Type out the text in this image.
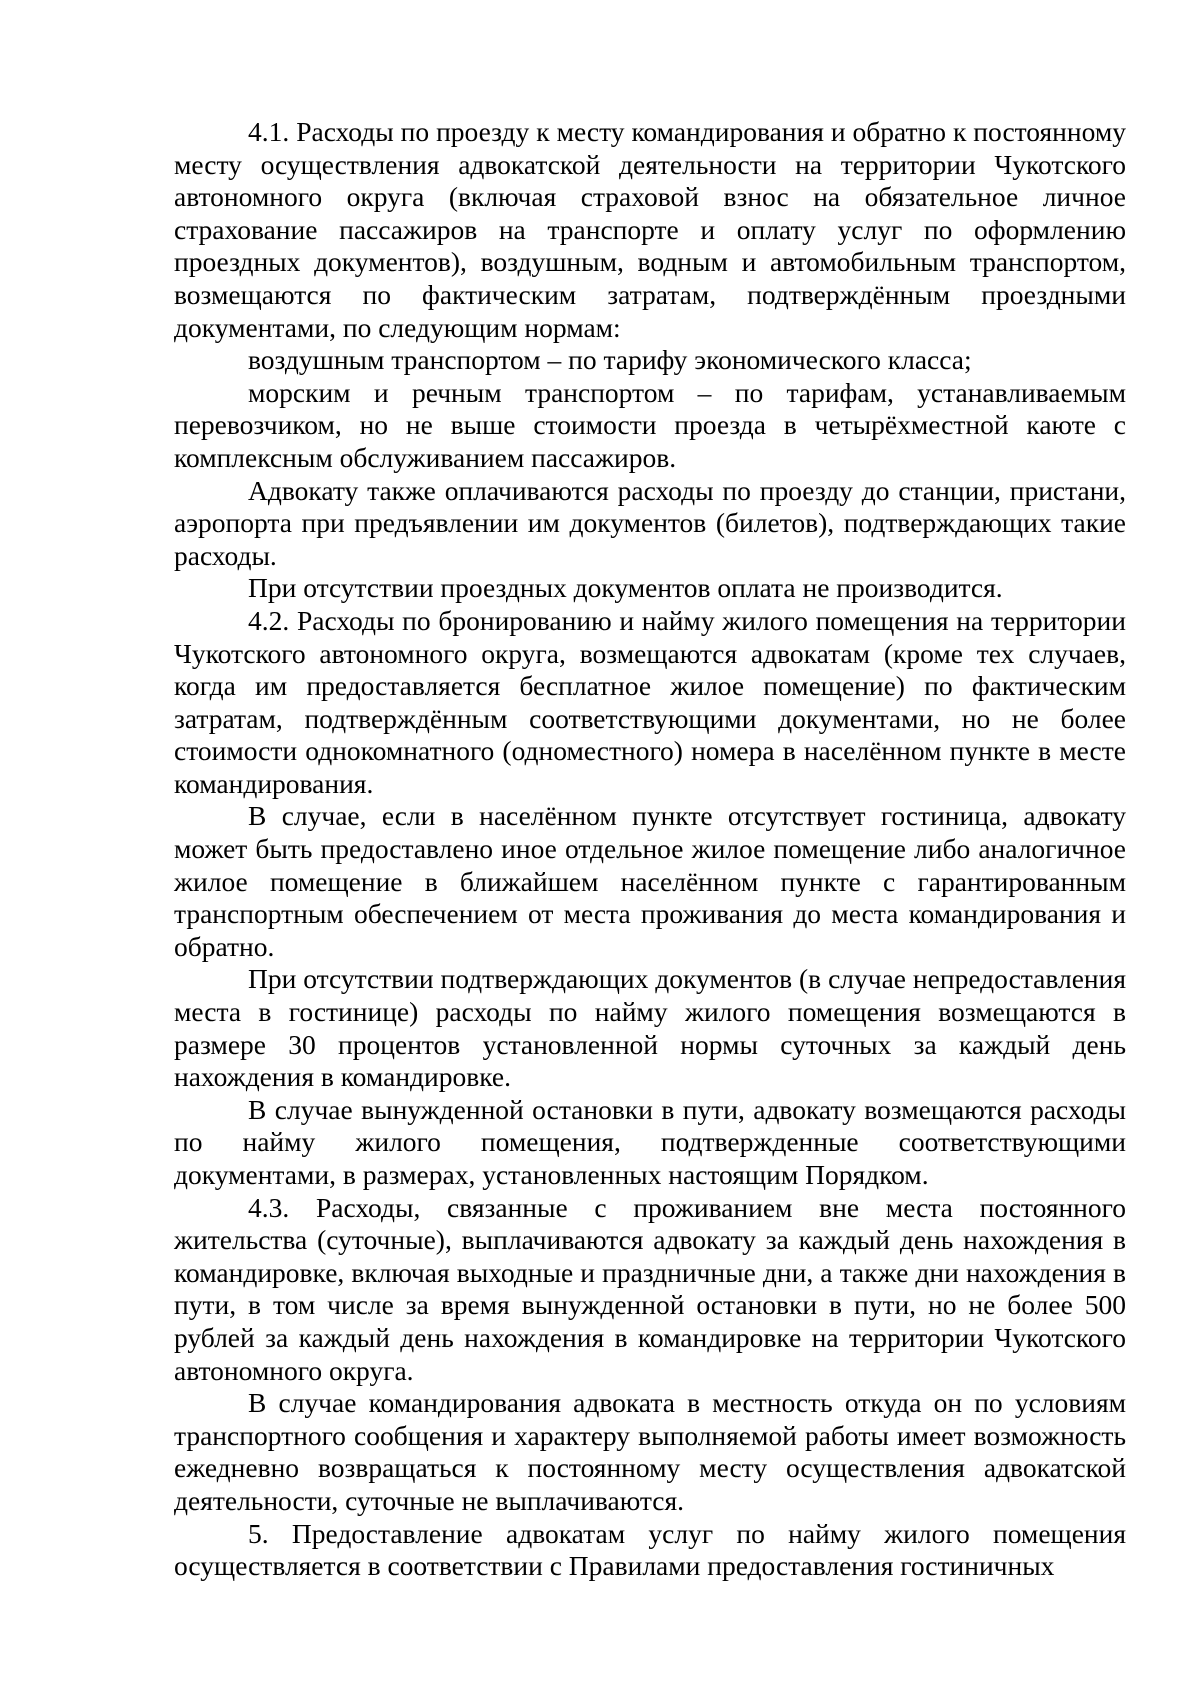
4.1. Расходы по проезду к месту командирования и обратно к постоянному месту осуществления адвокатской деятельности на территории Чукотского автономного округа (включая страховой взнос на обязательное личное страхование пассажиров на транспорте и оплату услуг по оформлению проездных документов), воздушным, водным и автомобильным транспортом, возмещаются по фактическим затратам, подтверждённым проездными документами, по следующим нормам:

воздушным транспортом – по тарифу экономического класса;

морским и речным транспортом – по тарифам, устанавливаемым перевозчиком, но не выше стоимости проезда в четырёхместной каюте с комплексным обслуживанием пассажиров.

Адвокату также оплачиваются расходы по проезду до станции, пристани, аэропорта при предъявлении им документов (билетов), подтверждающих такие расходы.

При отсутствии проездных документов оплата не производится.

4.2. Расходы по бронированию и найму жилого помещения на территории Чукотского автономного округа, возмещаются адвокатам (кроме тех случаев, когда им предоставляется бесплатное жилое помещение) по фактическим затратам, подтверждённым соответствующими документами, но не более стоимости однокомнатного (одноместного) номера в населённом пункте в месте командирования.

В случае, если в населённом пункте отсутствует гостиница, адвокату может быть предоставлено иное отдельное жилое помещение либо аналогичное жилое помещение в ближайшем населённом пункте с гарантированным транспортным обеспечением от места проживания до места командирования и обратно.

При отсутствии подтверждающих документов (в случае непредоставления места в гостинице) расходы по найму жилого помещения возмещаются в размере 30 процентов установленной нормы суточных за каждый день нахождения в командировке.

В случае вынужденной остановки в пути, адвокату возмещаются расходы по найму жилого помещения, подтвержденные соответствующими документами, в размерах, установленных настоящим Порядком.

4.3. Расходы, связанные с проживанием вне места постоянного жительства (суточные), выплачиваются адвокату за каждый день нахождения в командировке, включая выходные и праздничные дни, а также дни нахождения в пути, в том числе за время вынужденной остановки в пути, но не более 500 рублей за каждый день нахождения в командировке на территории Чукотского автономного округа.

В случае командирования адвоката в местность откуда он по условиям транспортного сообщения и характеру выполняемой работы имеет возможность ежедневно возвращаться к постоянному месту осуществления адвокатской деятельности, суточные не выплачиваются.

5. Предоставление адвокатам услуг по найму жилого помещения осуществляется в соответствии с Правилами предоставления гостиничных
